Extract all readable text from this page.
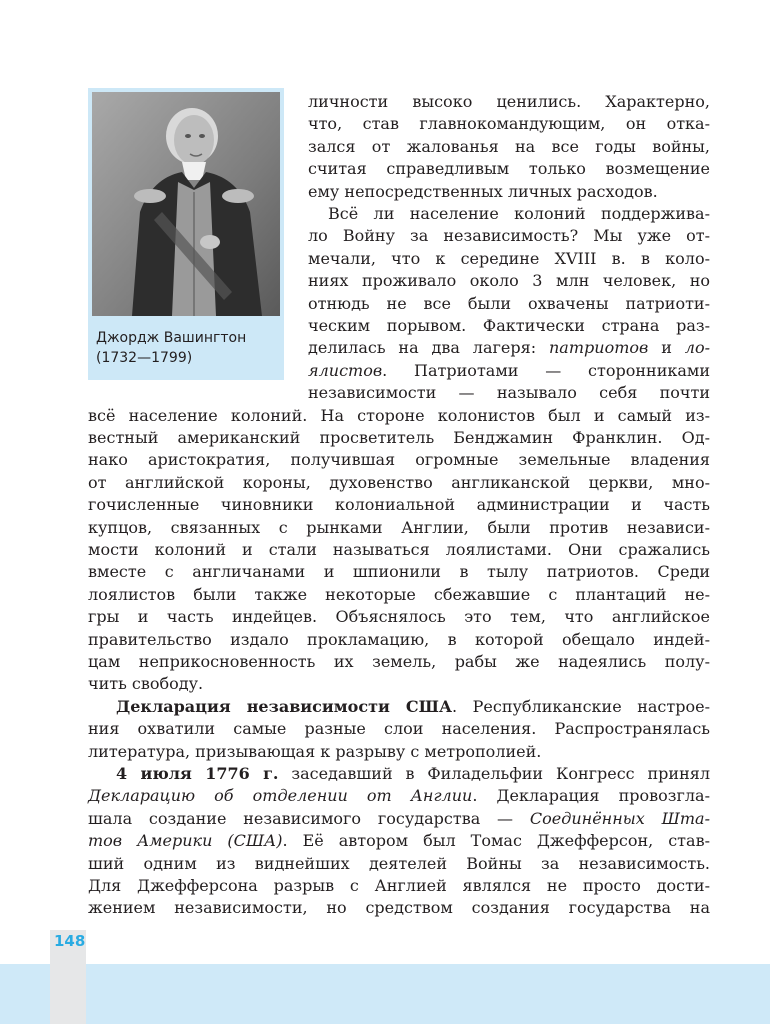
148
Джордж Вашингтон
(1732—1799)
личности высоко ценились. Характерно,
что, став главнокомандующим, он отка-
зался от жалованья на все годы войны,
считая справедливым только возмещение
ему непосредственных личных расходов.
Всё ли население колоний поддержива-
ло Войну за независимость? Мы уже от-
мечали, что к середине XVIII в. в коло-
ниях проживало около 3 млн человек, но
отнюдь не все были охвачены патриоти-
ческим порывом. Фактически страна раз-
делилась на два лагеря: патриотов и ло-
ялистов. Патриотами — сторонниками
независимости — называло себя почти
всё население колоний. На стороне колонистов был и самый из-
вестный американский просветитель Бенджамин Франклин. Од-
нако аристократия, получившая огромные земельные владения
от английской короны, духовенство англиканской церкви, мно-
гочисленные чиновники колониальной администрации и часть
купцов, связанных с рынками Англии, были против независи-
мости колоний и стали называться лоялистами. Они сражались
вместе с англичанами и шпионили в тылу патриотов. Среди
лоялистов были также некоторые сбежавшие с плантаций не-
гры и часть индейцев. Объяснялось это тем, что английское
правительство издало прокламацию, в которой обещало индей-
цам неприкосновенность их земель, рабы же надеялись полу-
чить свободу.
Декларация независимости США. Республиканские настрое-
ния охватили самые разные слои населения. Распространялась
литература, призывающая к разрыву с метрополией.
4 июля 1776 г. заседавший в Филадельфии Конгресс принял
Декларацию об отделении от Англии. Декларация провозгла-
шала создание независимого государства — Соединённых Шта-
тов Америки (США). Её автором был Томас Джефферсон, став-
ший одним из виднейших деятелей Войны за независимость.
Для Джефферсона разрыв с Англией являлся не просто дости-
жением независимости, но средством создания государства на
